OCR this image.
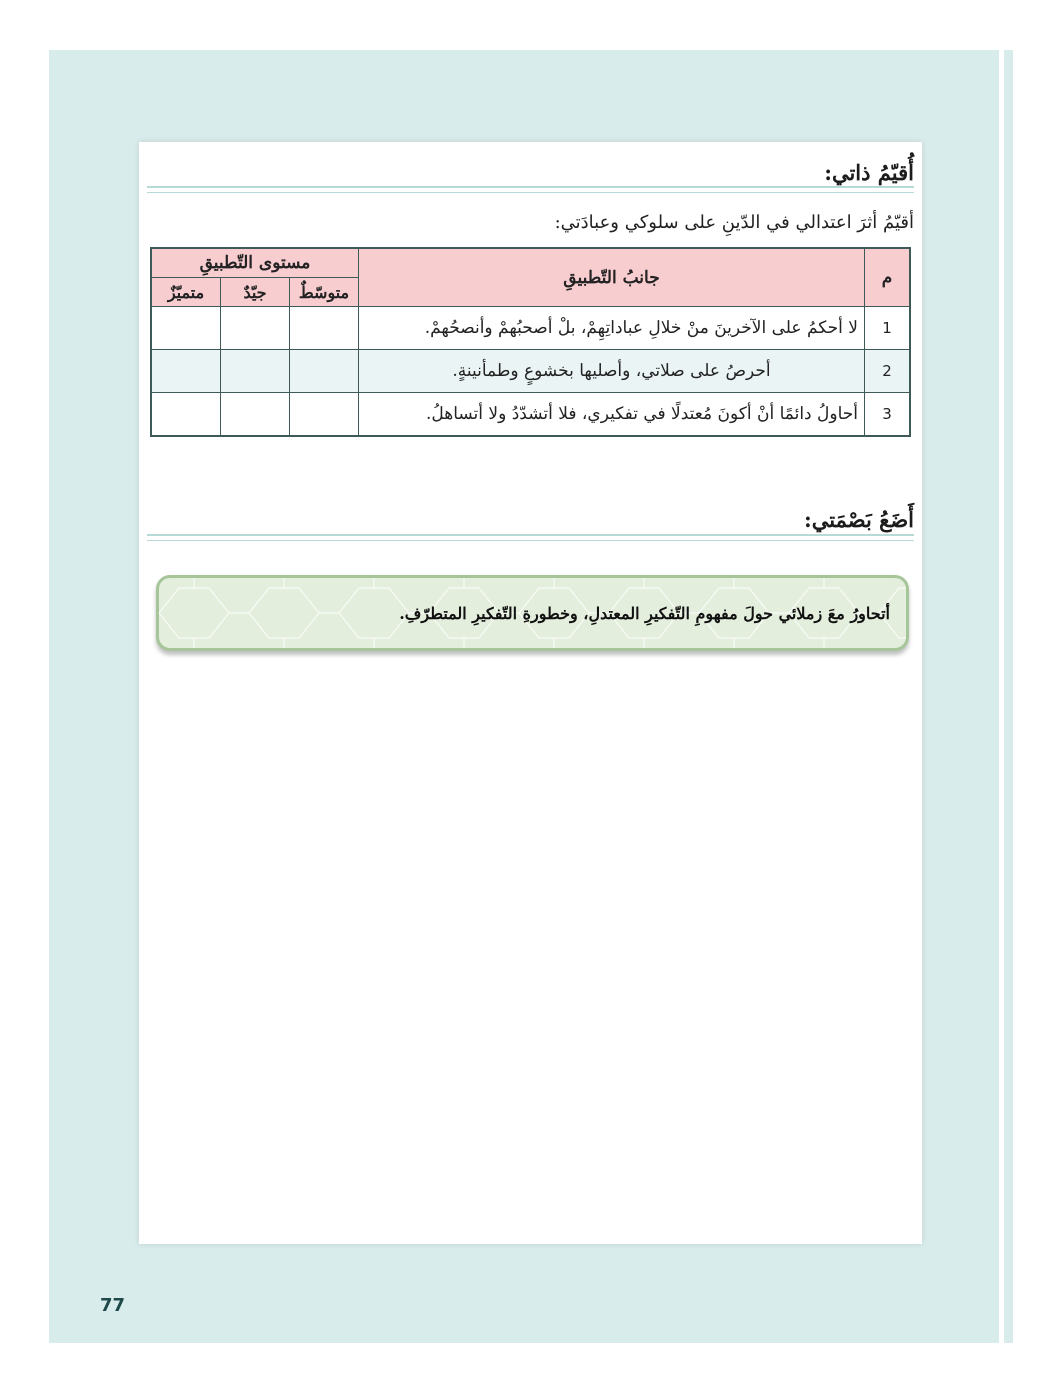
أُقيّمُ ذاتي:
أقيّمُ أثرَ اعتدالي في الدّينِ على سلوكي وعبادَتي:
م	جانبُ التّطبيقِ	مستوى التّطبيقِ		
		متوسّطٌ	جيّدٌ	متميّزٌ
1	لا أحكمُ على الآخرينَ منْ خلالِ عباداتِهِمْ، بلْ أصحبُهمْ وأنصحُهمْ.			
2	أحرصُ على صلاتي، وأصليها بخشوعٍ وطمأنينةٍ.			
3	أحاولُ دائمًا أنْ أكونَ مُعتدلًا في تفكيري، فلا أتشدّدُ ولا أتساهلُ.			
أَضَعُ بَصْمَتي:
أتحاورُ معَ زملائي حولَ مفهومِ التّفكيرِ المعتدلِ، وخطورةِ التّفكيرِ المتطرّفِ.
77
